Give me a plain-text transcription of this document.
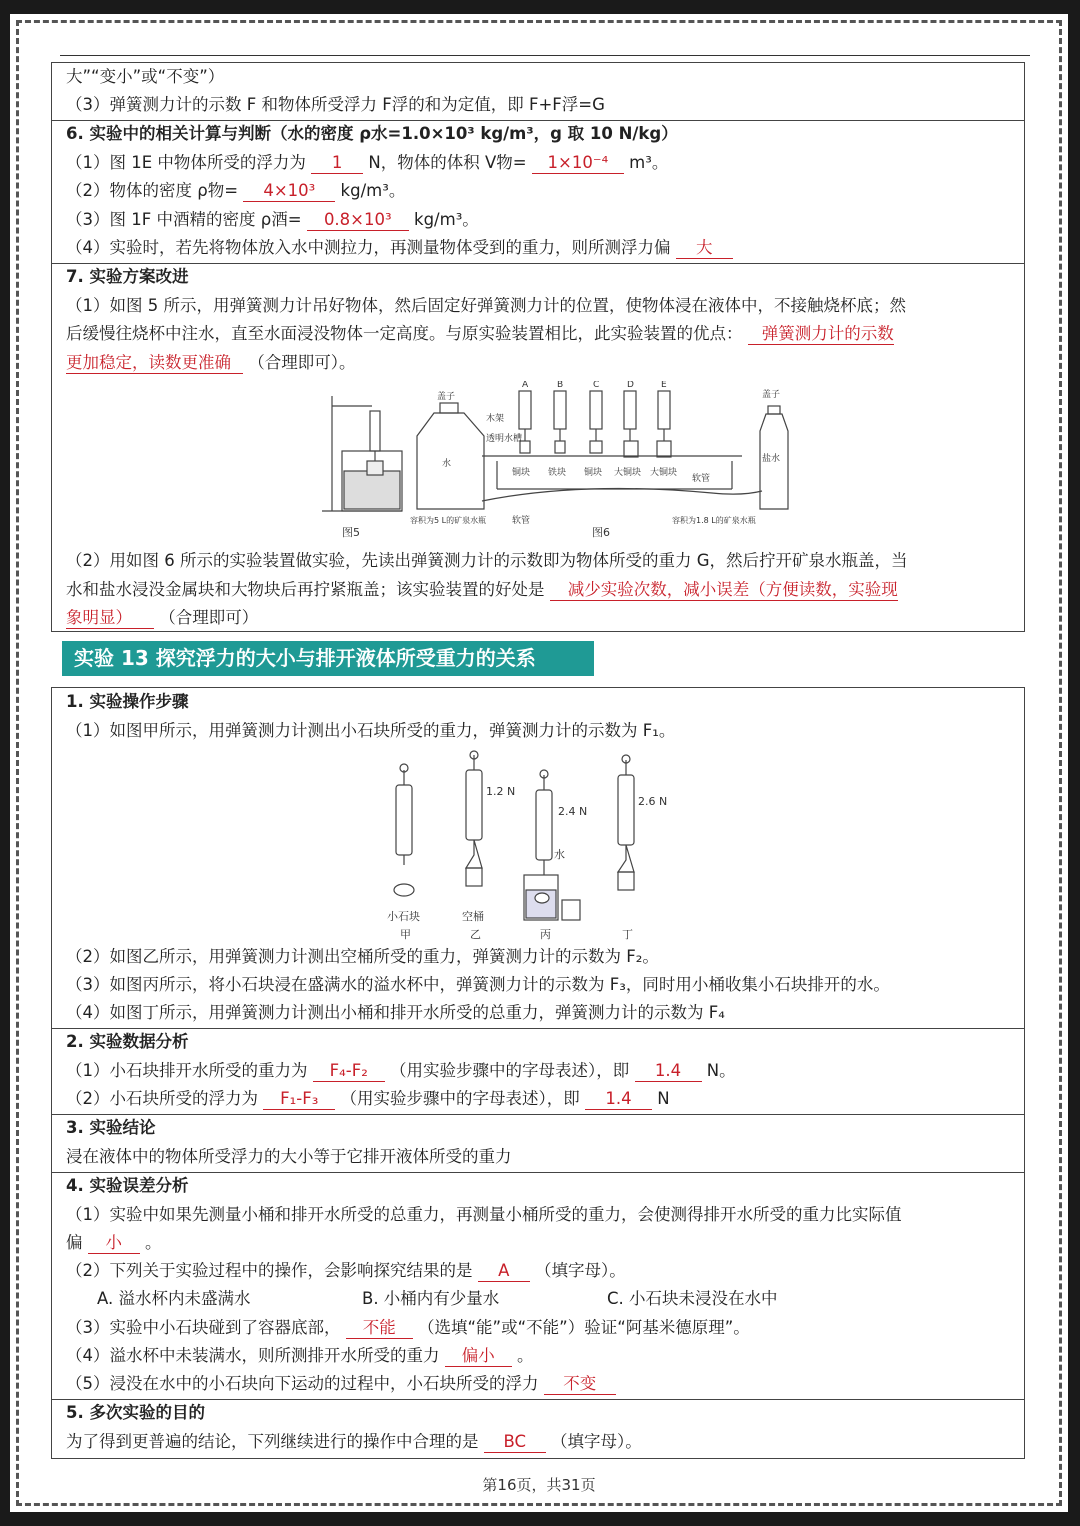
大”“变小”或“不变”）
（3）弹簧测力计的示数 F 和物体所受浮力 F浮的和为定值，即 F+F浮=G
6. 实验中的相关计算与判断（水的密度 ρ水=1.0×10³ kg/m³，g 取 10 N/kg）
（1）图 1E 中物体所受的浮力为 1 N，物体的体积 V物= 1×10⁻⁴ m³。
（2）物体的密度 ρ物= 4×10³ kg/m³。
（3）图 1F 中酒精的密度 ρ酒= 0.8×10³ kg/m³。
（4）实验时，若先将物体放入水中测拉力，再测量物体受到的重力，则所测浮力偏 大
7. 实验方案改进
（1）如图 5 所示，用弹簧测力计吊好物体，然后固定好弹簧测力计的位置，使物体浸在液体中，不接触烧杯底；然
后缓慢往烧杯中注水，直至水面浸没物体一定高度。与原实验装置相比，此实验装置的优点： 弹簧测力计的示数
更加稳定，读数更准确 （合理即可）。
盖子
水
木架
透明水槽
软管
软管
盖子
盐水
A	B	C	D	E
铜块 铁块 铜块 大铜块 大铜块
容积为5 L的矿泉水瓶	容积为1.8 L的矿泉水瓶
图5	图6
（2）用如图 6 所示的实验装置做实验，先读出弹簧测力计的示数即为物体所受的重力 G，然后拧开矿泉水瓶盖，当
水和盐水浸没金属块和大物块后再拧紧瓶盖；该实验装置的好处是 减少实验次数，减小误差（方便读数，实验现
象明显） （合理即可）
实验 13 探究浮力的大小与排开液体所受重力的关系
1. 实验操作步骤
（1）如图甲所示，用弹簧测力计测出小石块所受的重力，弹簧测力计的示数为 F₁。
1.2 N
2.4 N
2.6 N
水
小石块	空桶
甲	乙	丙	丁
（2）如图乙所示，用弹簧测力计测出空桶所受的重力，弹簧测力计的示数为 F₂。
（3）如图丙所示，将小石块浸在盛满水的溢水杯中，弹簧测力计的示数为 F₃，同时用小桶收集小石块排开的水。
（4）如图丁所示，用弹簧测力计测出小桶和排开水所受的总重力，弹簧测力计的示数为 F₄
2. 实验数据分析
（1）小石块排开水所受的重力为 F₄-F₂ （用实验步骤中的字母表述），即 1.4 N。
（2）小石块所受的浮力为 F₁-F₃ （用实验步骤中的字母表述），即 1.4 N
3. 实验结论
浸在液体中的物体所受浮力的大小等于它排开液体所受的重力
4. 实验误差分析
（1）实验中如果先测量小桶和排开水所受的总重力，再测量小桶所受的重力，会使测得排开水所受的重力比实际值
偏 小 。
（2）下列关于实验过程中的操作，会影响探究结果的是 A （填字母）。
A. 溢水杯内未盛满水	B. 小桶内有少量水	C. 小石块未浸没在水中
（3）实验中小石块碰到了容器底部， 不能 （选填“能”或“不能”）验证“阿基米德原理”。
（4）溢水杯中未装满水，则所测排开水所受的重力 偏小 。
（5）浸没在水中的小石块向下运动的过程中，小石块所受的浮力 不变
5. 多次实验的目的
为了得到更普遍的结论，下列继续进行的操作中合理的是 BC （填字母）。
第16页，共31页
